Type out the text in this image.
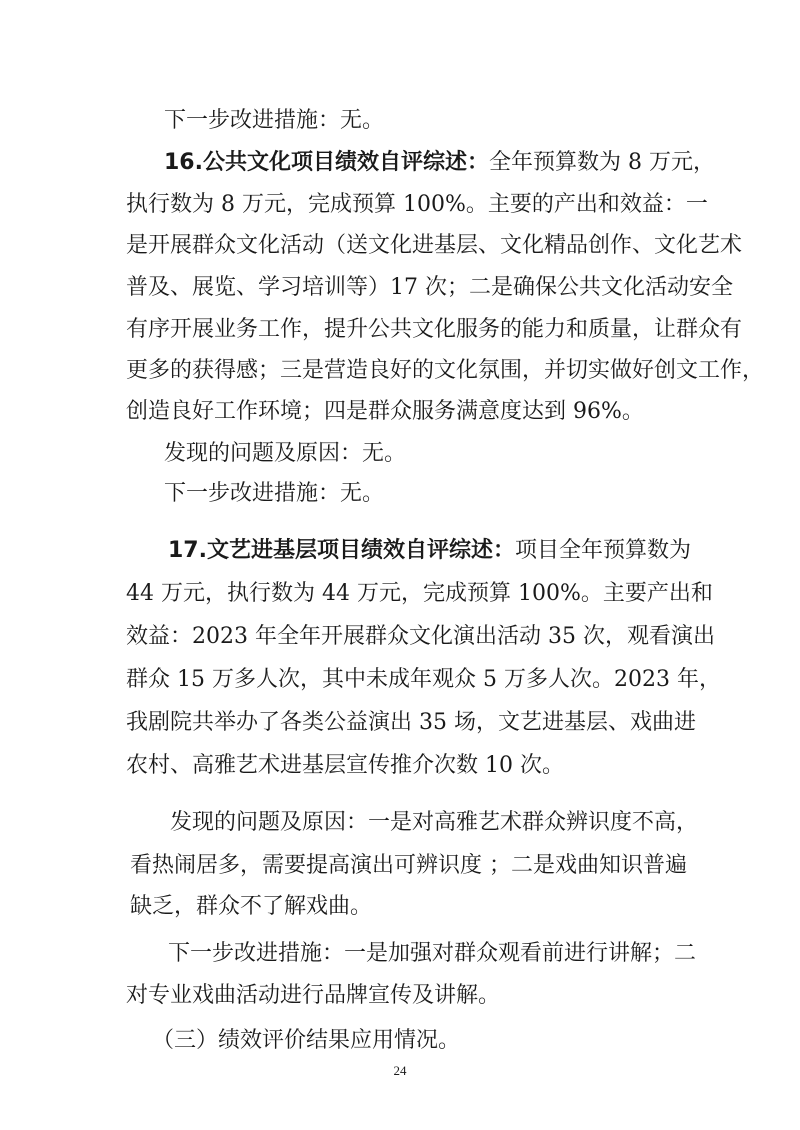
下一步改进措施：无。
16.公共文化项目绩效自评综述：全年预算数为 8 万元，
执行数为 8 万元，完成预算 100%。主要的产出和效益：一
是开展群众文化活动（送文化进基层、文化精品创作、文化艺术
普及、展览、学习培训等）17 次；二是确保公共文化活动安全
有序开展业务工作，提升公共文化服务的能力和质量，让群众有
更多的获得感；三是营造良好的文化氛围，并切实做好创文工作，
创造良好工作环境；四是群众服务满意度达到 96%。
发现的问题及原因：无。
下一步改进措施：无。
17.文艺进基层项目绩效自评综述：项目全年预算数为
44 万元，执行数为 44 万元，完成预算 100%。主要产出和
效益：2023 年全年开展群众文化演出活动 35 次，观看演出
群众 15 万多人次，其中未成年观众 5 万多人次。2023 年，
我剧院共举办了各类公益演出 35 场，文艺进基层、戏曲进
农村、高雅艺术进基层宣传推介次数 10 次。
发现的问题及原因：一是对高雅艺术群众辨识度不高，
看热闹居多，需要提高演出可辨识度 ；二是戏曲知识普遍
缺乏，群众不了解戏曲。
下一步改进措施：一是加强对群众观看前进行讲解；二
对专业戏曲活动进行品牌宣传及讲解。
（三）绩效评价结果应用情况。
24
